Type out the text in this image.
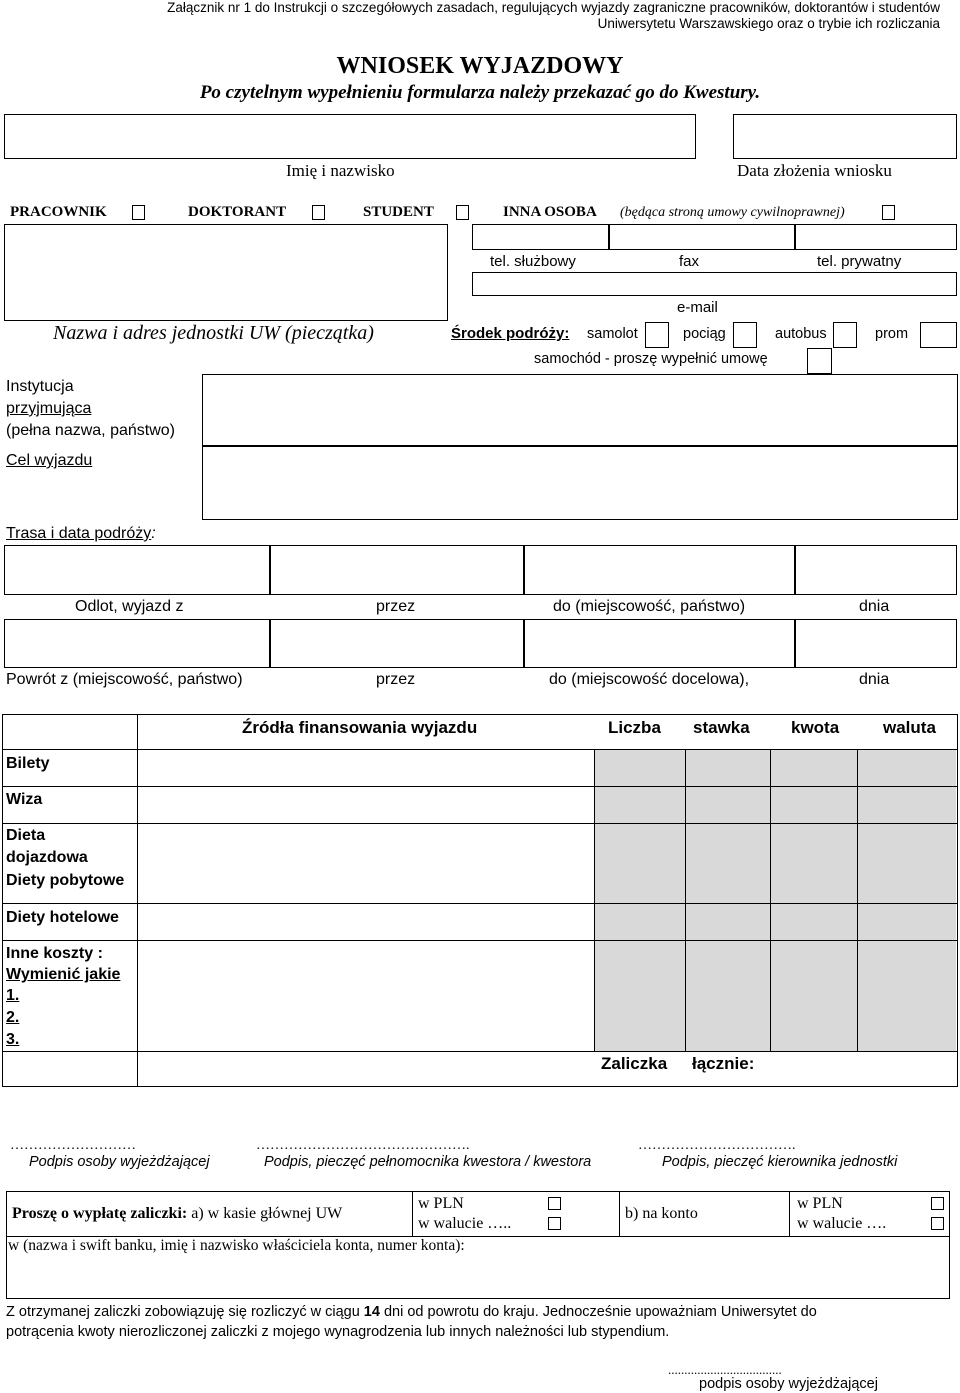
Załącznik nr 1 do Instrukcji o szczegółowych zasadach, regulujących wyjazdy zagraniczne pracowników, doktorantów i studentów
Uniwersytetu Warszawskiego oraz o trybie ich rozliczania
WNIOSEK WYJAZDOWY
Po czytelnym wypełnieniu formularza należy przekazać go do Kwestury.
Imię i nazwisko	Data złożenia wniosku
PRACOWNIK	DOKTORANT	STUDENT	INNA OSOBA (będąca stroną umowy cywilnoprawnej)
Nazwa i adres jednostki UW (pieczątka)
tel. służbowy	fax	tel. prywatny
e-mail
Środek podróży: samolot	pociąg	autobus	prom
samochód - proszę wypełnić umowę
Instytucja
przyjmująca
(pełna nazwa, państwo)
Cel wyjazdu
Trasa i data podróży:
Odlot, wyjazd z	przez	do (miejscowość, państwo)	dnia
Powrót z (miejscowość, państwo)	przez	do (miejscowość docelowa),	dnia
Źródła finansowania wyjazdu	Liczba stawka kwota	waluta
Bilety
Wiza
Dieta
dojazdowa
Diety pobytowe
Diety hotelowe
Inne koszty :
Wymienić jakie
1.
2.
3.
Zaliczka łącznie:
………………………	……………………………………….	…………………………….
Podpis osoby wyjeżdżającej	Podpis, pieczęć pełnomocnika kwestora / kwestora	Podpis, pieczęć kierownika jednostki
Proszę o wypłatę zaliczki: a) w kasie głównej UW
w PLN
w walucie …..
b) na konto
w PLN
w walucie ….
w (nazwa i swift banku, imię i nazwisko właściciela konta, numer konta):
Z otrzymanej zaliczki zobowiązuję się rozliczyć w ciągu 14 dni od powrotu do kraju. Jednocześnie upoważniam Uniwersytet do
potrącenia kwoty nierozliczonej zaliczki z mojego wynagrodzenia lub innych należności lub stypendium.
...................................
podpis osoby wyjeżdżającej
